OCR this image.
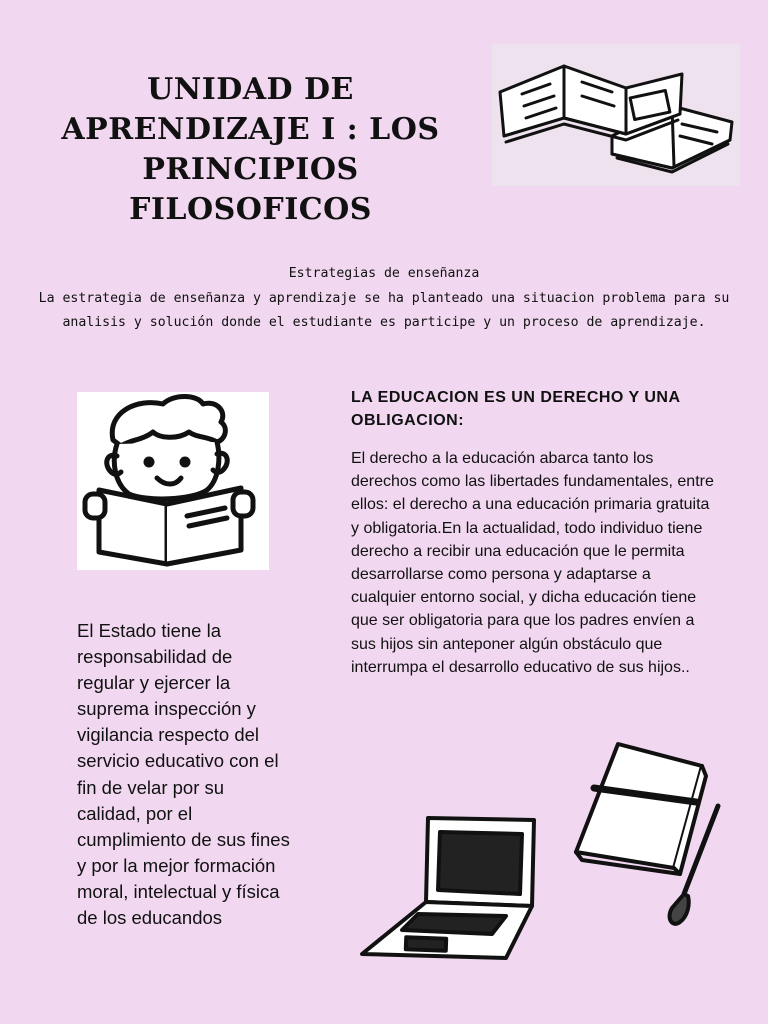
UNIDAD DE APRENDIZAJE I : LOS PRINCIPIOS FILOSOFICOS

Estrategias de enseñanza

La estrategia de enseñanza y aprendizaje se ha planteado una situacion problema para su analisis y solución donde el estudiante es participe y un proceso de aprendizaje.

LA EDUCACION ES UN DERECHO Y UNA OBLIGACION:

El derecho a la educación abarca tanto los derechos como las libertades fundamentales, entre ellos: el derecho a una educación primaria gratuita y obligatoria.En la actualidad, todo individuo tiene derecho a recibir una educación que le permita desarrollarse como persona y adaptarse a cualquier entorno social, y dicha educación tiene que ser obligatoria para que los padres envíen a sus hijos sin anteponer algún obstáculo que interrumpa el desarrollo educativo de sus hijos..

El Estado tiene la responsabilidad de regular y ejercer la suprema inspección y vigilancia respecto del servicio educativo con el fin de velar por su calidad, por el cumplimiento de sus fines y por la mejor formación moral, intelectual y física de los educandos
